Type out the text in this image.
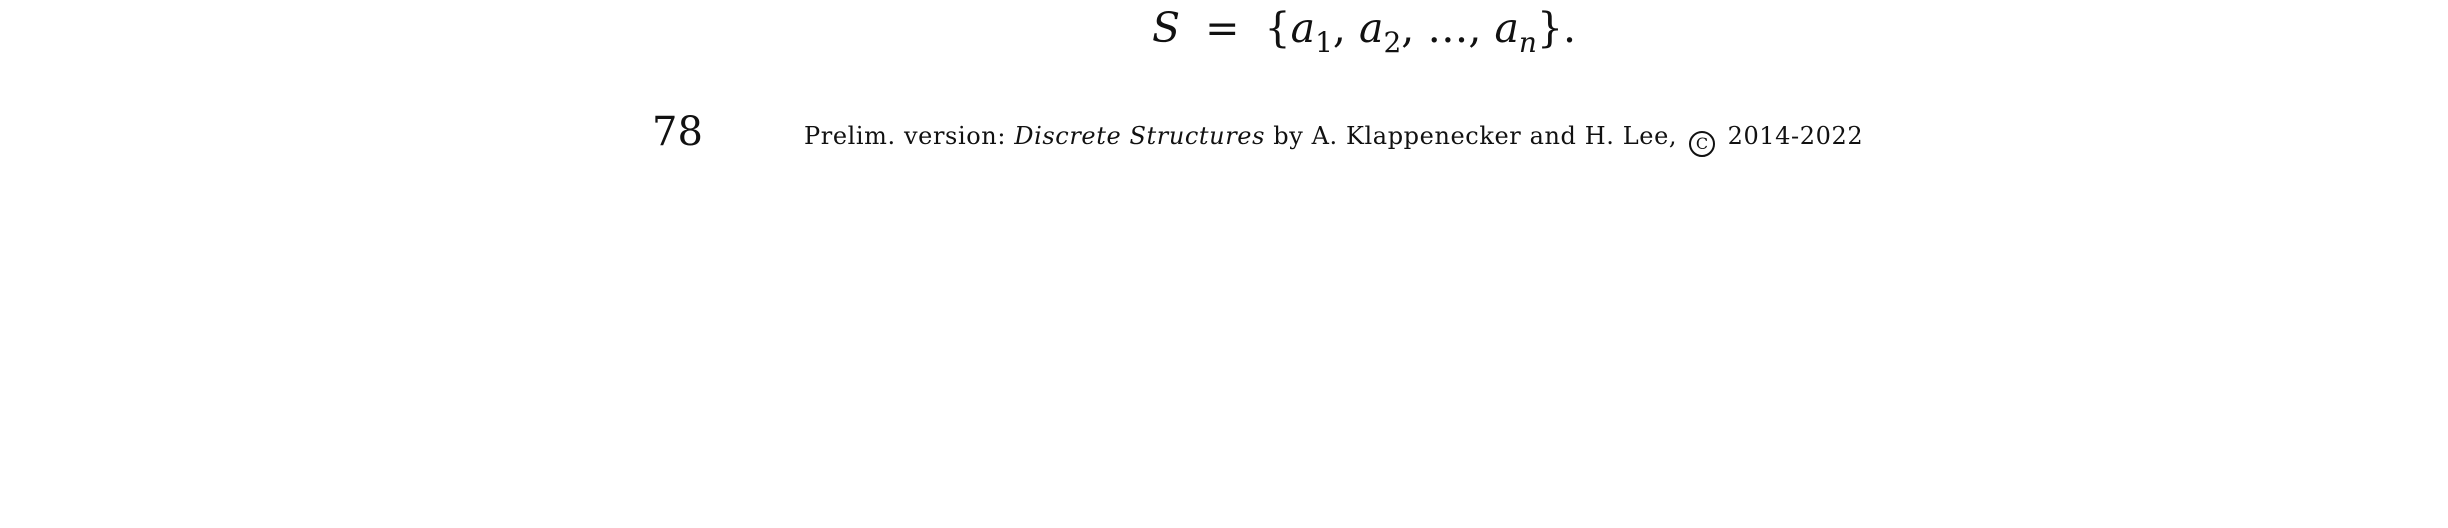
$S = \{a_1$, $a_2$, …, $a_n$}.
78	Prelim. version: Discrete Structures by A. Klappenecker and H. Lee, C 2014-2022
